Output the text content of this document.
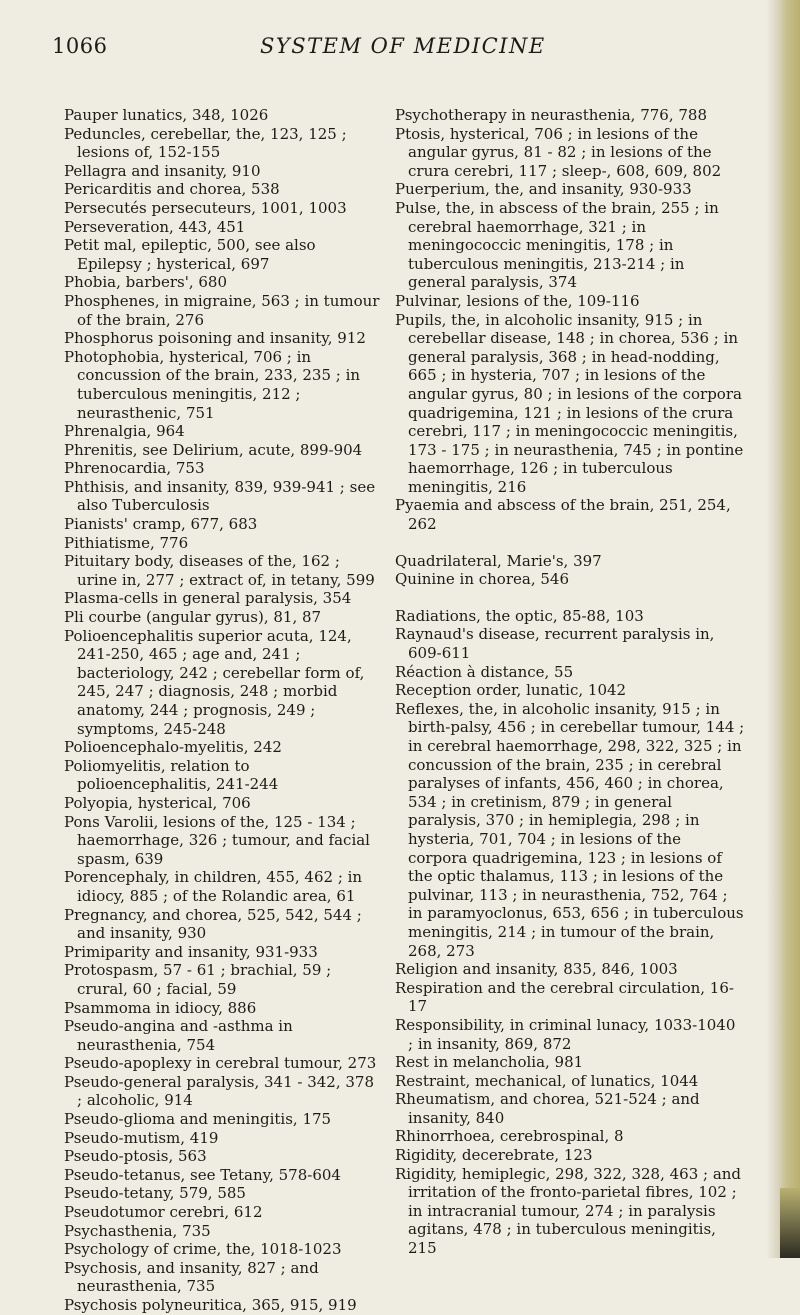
1066	SYSTEM OF MEDICINE
Pauper lunatics, 348, 1026
Peduncles, cerebellar, the, 123, 125 ; lesions of, 152-155
Pellagra and insanity, 910
Pericarditis and chorea, 538
Persecutés persecuteurs, 1001, 1003
Perseveration, 443, 451
Petit mal, epileptic, 500, see also Epilepsy ; hysterical, 697
Phobia, barbers', 680
Phosphenes, in migraine, 563 ; in tumour of the brain, 276
Phosphorus poisoning and insanity, 912
Photophobia, hysterical, 706 ; in concussion of the brain, 233, 235 ; in tuberculous meningitis, 212 ; neurasthenic, 751
Phrenalgia, 964
Phrenitis, see Delirium, acute, 899-904
Phrenocardia, 753
Phthisis, and insanity, 839, 939-941 ; see also Tuberculosis
Pianists' cramp, 677, 683
Pithiatisme, 776
Pituitary body, diseases of the, 162 ; urine in, 277 ; extract of, in tetany, 599
Plasma-cells in general paralysis, 354
Pli courbe (angular gyrus), 81, 87
Polioencephalitis superior acuta, 124, 241-250, 465 ; age and, 241 ; bacteriology, 242 ; cerebellar form of, 245, 247 ; diagnosis, 248 ; morbid anatomy, 244 ; prognosis, 249 ; symptoms, 245-248
Polioencephalo-myelitis, 242
Poliomyelitis, relation to polioencephalitis, 241-244
Polyopia, hysterical, 706
Pons Varolii, lesions of the, 125 - 134 ; haemorrhage, 326 ; tumour, and facial spasm, 639
Porencephaly, in children, 455, 462 ; in idiocy, 885 ; of the Rolandic area, 61
Pregnancy, and chorea, 525, 542, 544 ; and insanity, 930
Primiparity and insanity, 931-933
Protospasm, 57 - 61 ; brachial, 59 ; crural, 60 ; facial, 59
Psammoma in idiocy, 886
Pseudo-angina and -asthma in neurasthenia, 754
Pseudo-apoplexy in cerebral tumour, 273
Pseudo-general paralysis, 341 - 342, 378 ; alcoholic, 914
Pseudo-glioma and meningitis, 175
Pseudo-mutism, 419
Pseudo-ptosis, 563
Pseudo-tetanus, see Tetany, 578-604
Pseudo-tetany, 579, 585
Pseudotumor cerebri, 612
Psychasthenia, 735
Psychology of crime, the, 1018-1023
Psychosis, and insanity, 827 ; and neurasthenia, 735
Psychosis polyneuritica, 365, 915, 919
Psychotherapy in neurasthenia, 776, 788
Ptosis, hysterical, 706 ; in lesions of the angular gyrus, 81 - 82 ; in lesions of the crura cerebri, 117 ; sleep-, 608, 609, 802
Puerperium, the, and insanity, 930-933
Pulse, the, in abscess of the brain, 255 ; in cerebral haemorrhage, 321 ; in meningococcic meningitis, 178 ; in tuberculous meningitis, 213-214 ; in general paralysis, 374
Pulvinar, lesions of the, 109-116
Pupils, the, in alcoholic insanity, 915 ; in cerebellar disease, 148 ; in chorea, 536 ; in general paralysis, 368 ; in head-nodding, 665 ; in hysteria, 707 ; in lesions of the angular gyrus, 80 ; in lesions of the corpora quadrigemina, 121 ; in lesions of the crura cerebri, 117 ; in meningococcic meningitis, 173 - 175 ; in neurasthenia, 745 ; in pontine haemorrhage, 126 ; in tuberculous meningitis, 216
Pyaemia and abscess of the brain, 251, 254, 262
Quadrilateral, Marie's, 397
Quinine in chorea, 546
Radiations, the optic, 85-88, 103
Raynaud's disease, recurrent paralysis in, 609-611
Réaction à distance, 55
Reception order, lunatic, 1042
Reflexes, the, in alcoholic insanity, 915 ; in birth-palsy, 456 ; in cerebellar tumour, 144 ; in cerebral haemorrhage, 298, 322, 325 ; in concussion of the brain, 235 ; in cerebral paralyses of infants, 456, 460 ; in chorea, 534 ; in cretinism, 879 ; in general paralysis, 370 ; in hemiplegia, 298 ; in hysteria, 701, 704 ; in lesions of the corpora quadrigemina, 123 ; in lesions of the optic thalamus, 113 ; in lesions of the pulvinar, 113 ; in neurasthenia, 752, 764 ; in paramyoclonus, 653, 656 ; in tuberculous meningitis, 214 ; in tumour of the brain, 268, 273
Religion and insanity, 835, 846, 1003
Respiration and the cerebral circulation, 16-17
Responsibility, in criminal lunacy, 1033-1040 ; in insanity, 869, 872
Rest in melancholia, 981
Restraint, mechanical, of lunatics, 1044
Rheumatism, and chorea, 521-524 ; and insanity, 840
Rhinorrhoea, cerebrospinal, 8
Rigidity, decerebrate, 123
Rigidity, hemiplegic, 298, 322, 328, 463 ; and irritation of the fronto-parietal fibres, 102 ; in intracranial tumour, 274 ; in paralysis agitans, 478 ; in tuberculous meningitis, 215
